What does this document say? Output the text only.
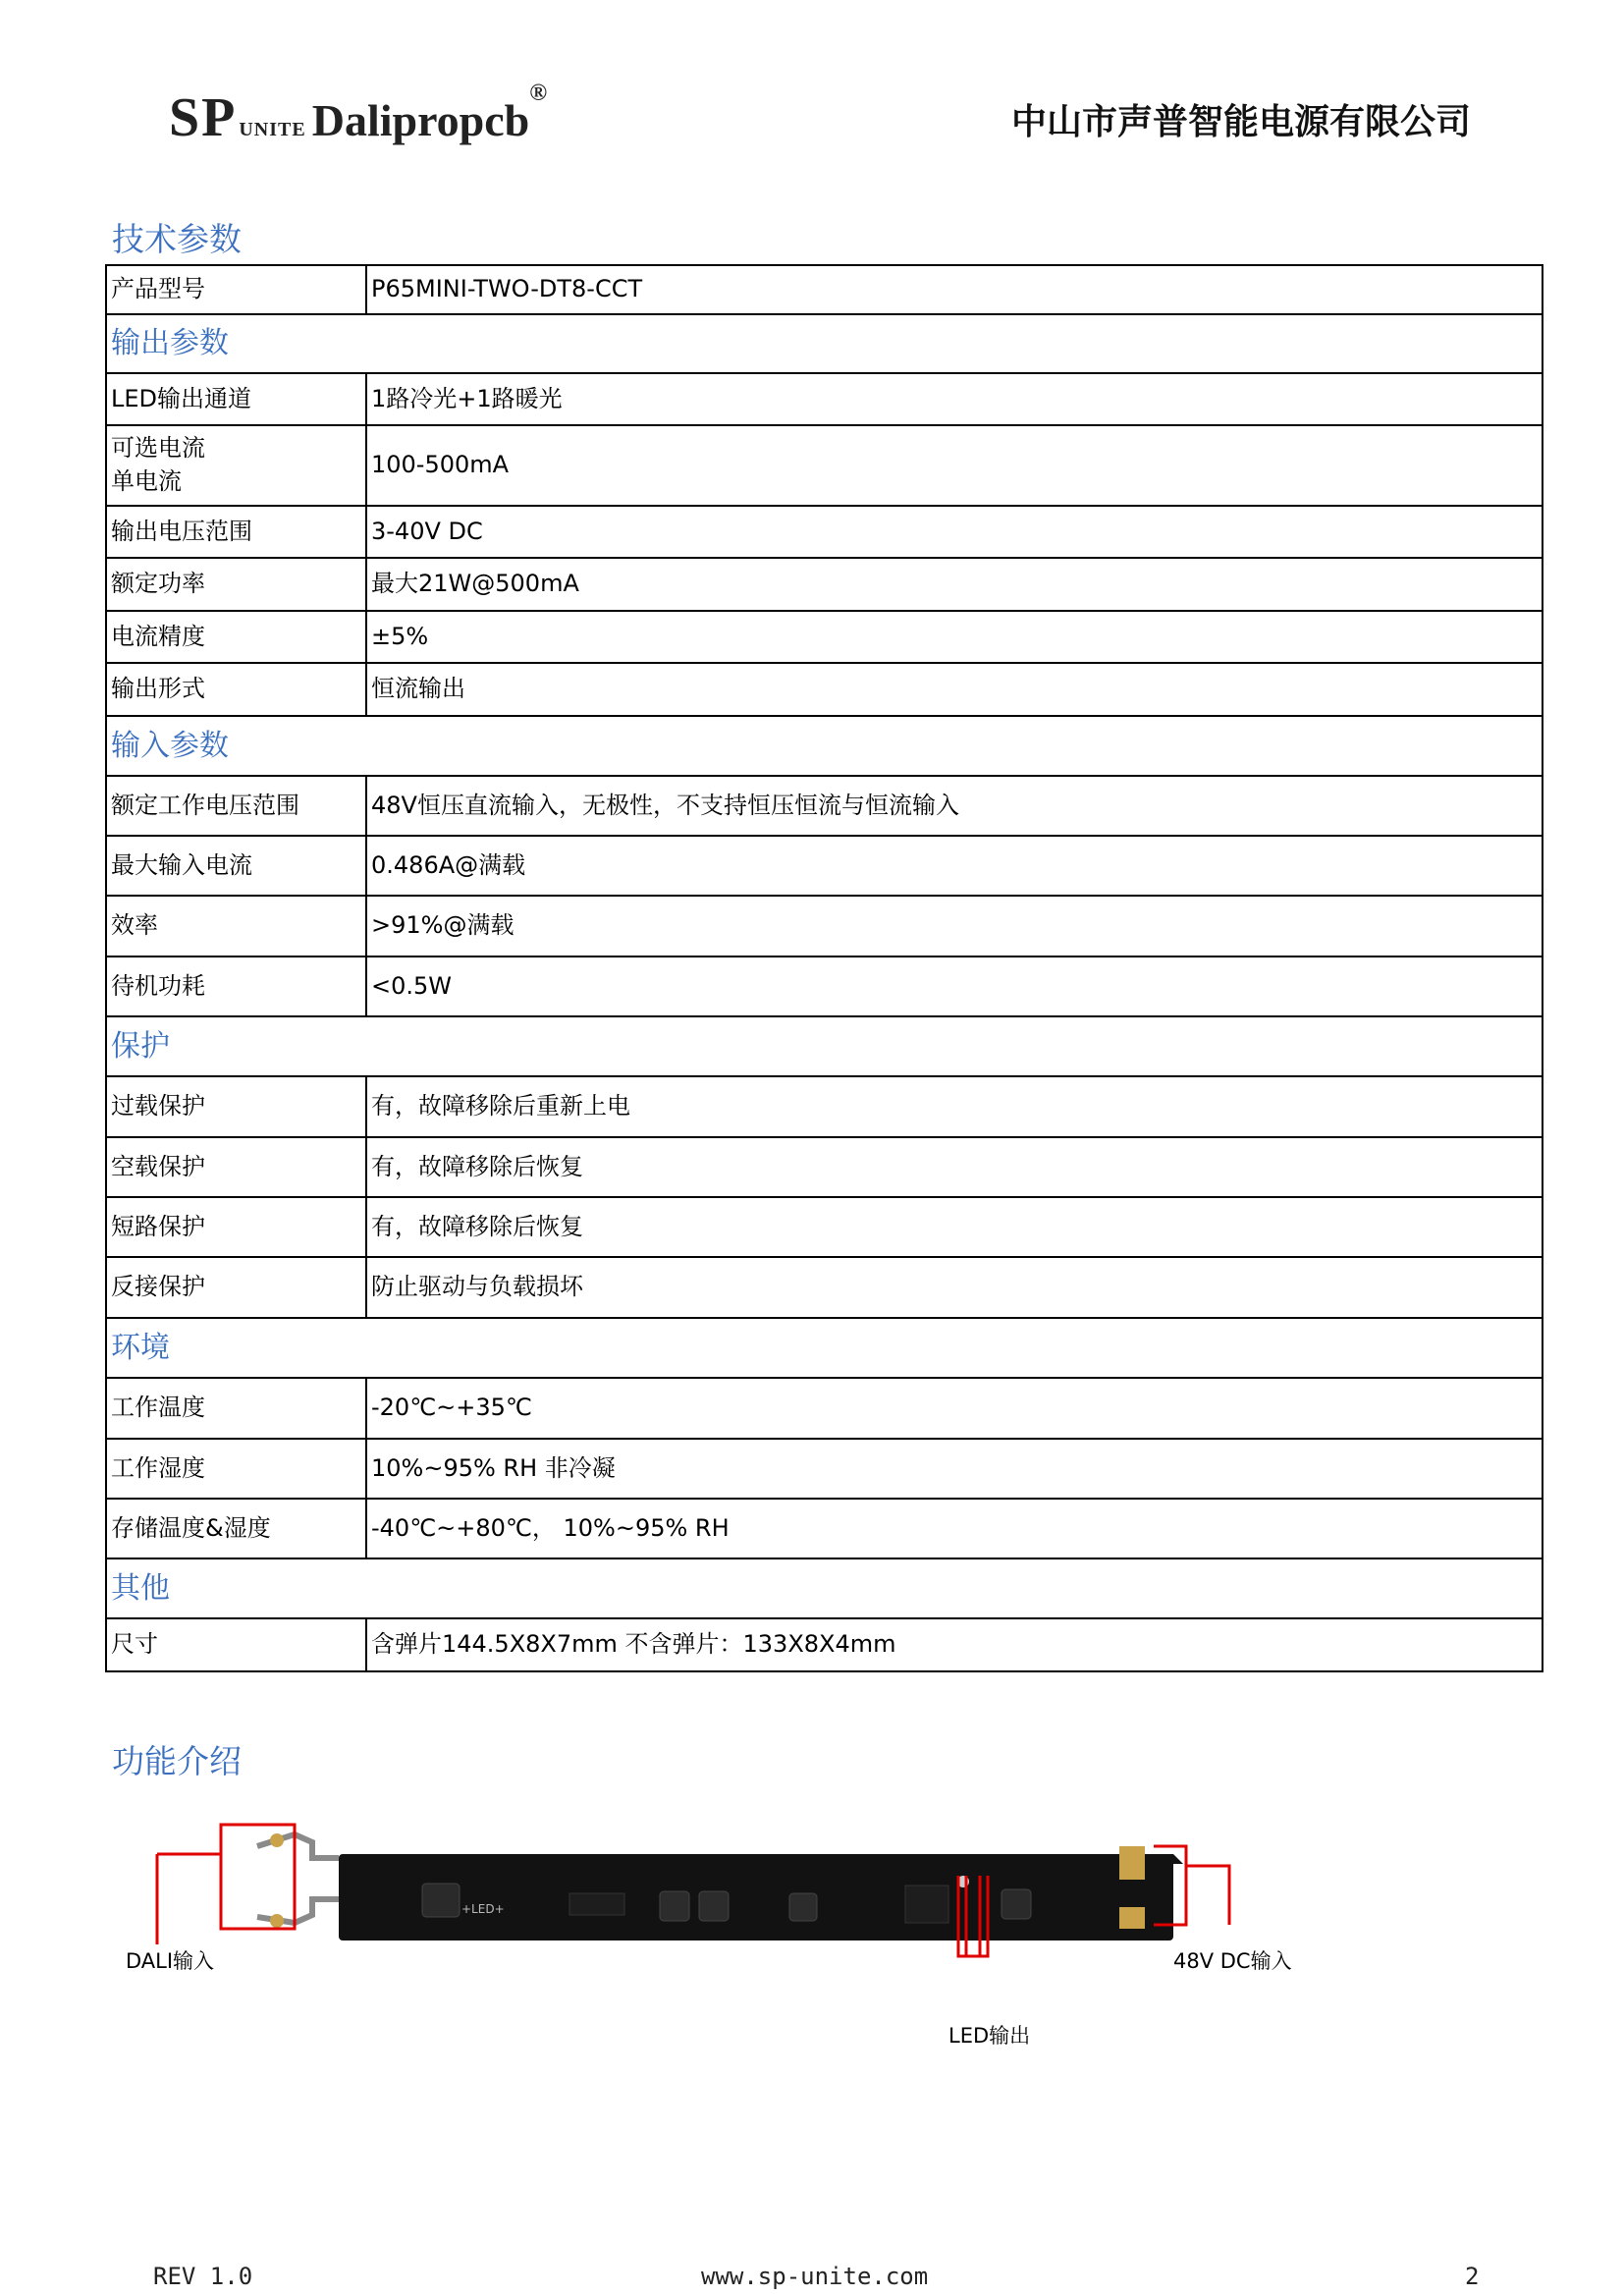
SP UNITE Dalipropcb®
中山市声普智能电源有限公司
技术参数
产品型号	P65MINI-TWO-DT8-CCT
输出参数	
LED输出通道	1路冷光+1路暖光
可选电流
单电流	100-500mA
输出电压范围	3-40V DC
额定功率	最大21W@500mA
电流精度	±5%
输出形式	恒流输出
输入参数	
额定工作电压范围	48V恒压直流输入，无极性，不支持恒压恒流与恒流输入
最大输入电流	0.486A@满载
效率	>91%@满载
待机功耗	<0.5W
保护	
过载保护	有，故障移除后重新上电
空载保护	有，故障移除后恢复
短路保护	有，故障移除后恢复
反接保护	防止驱动与负载损坏
环境	
工作温度	-20℃~+35℃
工作湿度	10%~95% RH 非冷凝
存储温度&湿度	-40℃~+80℃， 10%~95% RH
其他	
尺寸	含弹片144.5X8X7mm 不含弹片：133X8X4mm
功能介绍
+LED+
DALI输入	48V DC输入
LED输出
REV 1.0	www.sp-unite.com	2
